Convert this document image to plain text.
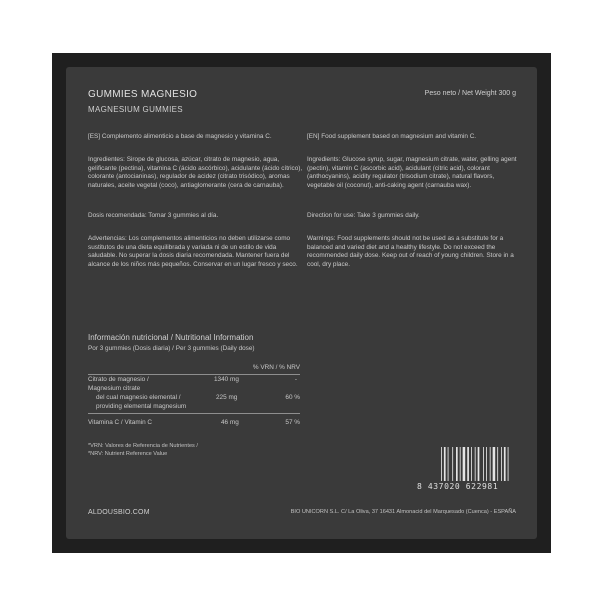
GUMMIES MAGNESIO
MAGNESIUM GUMMIES
Peso neto / Net Weight 300 g
[ES] Complemento alimenticio a base de magnesio y vitamina C.
Ingredientes: Sirope de glucosa, azúcar, citrato de magnesio, agua, gelificante (pectina), vitamina C (ácido ascórbico), acidulante (ácido cítrico), colorante (antocianinas), regulador de acidez (citrato trisódico), aromas naturales, aceite vegetal (coco), antiaglomerante (cera de carnauba).
Dosis recomendada: Tomar 3 gummies al día.
Advertencias: Los complementos alimenticios no deben utilizarse como sustitutos de una dieta equilibrada y variada ni de un estilo de vida saludable. No superar la dosis diaria recomendada. Mantener fuera del alcance de los niños más pequeños. Conservar en un lugar fresco y seco.
[EN] Food supplement based on magnesium and vitamin C.
Ingredients: Glucose syrup, sugar, magnesium citrate, water, gelling agent (pectin), vitamin C (ascorbic acid), acidulant (citric acid), colorant (anthocyanins), acidity regulator (trisodium citrate), natural flavors, vegetable oil (coconut), anti-caking agent (carnauba wax).
Direction for use: Take 3 gummies daily.
Warnings: Food supplements should not be used as a substitute for a balanced and varied diet and a healthy lifestyle. Do not exceed the recommended daily dose. Keep out of reach of young children. Store in a cool, dry place.
Información nutricional / Nutritional Information
Por 3 gummies (Dosis diaria) / Per 3 gummies (Daily dose)
% VRN / % NRV
Citrato de magnesio /
Magnesium citrate
1340 mg	-
del cual magnesio elemental /
providing elemental magnesium
225 mg	60 %
Vitamina C / Vitamin C	46 mg	57 %
*VRN: Valores de Referencia de Nutrientes /
*NRV: Nutrient Reference Value
8 437020 622981
ALDOUSBIO.COM	BIO UNICORN S.L. C/ La Oliva, 37 16431 Almonacid del Marquesado (Cuenca) - ESPAÑA
